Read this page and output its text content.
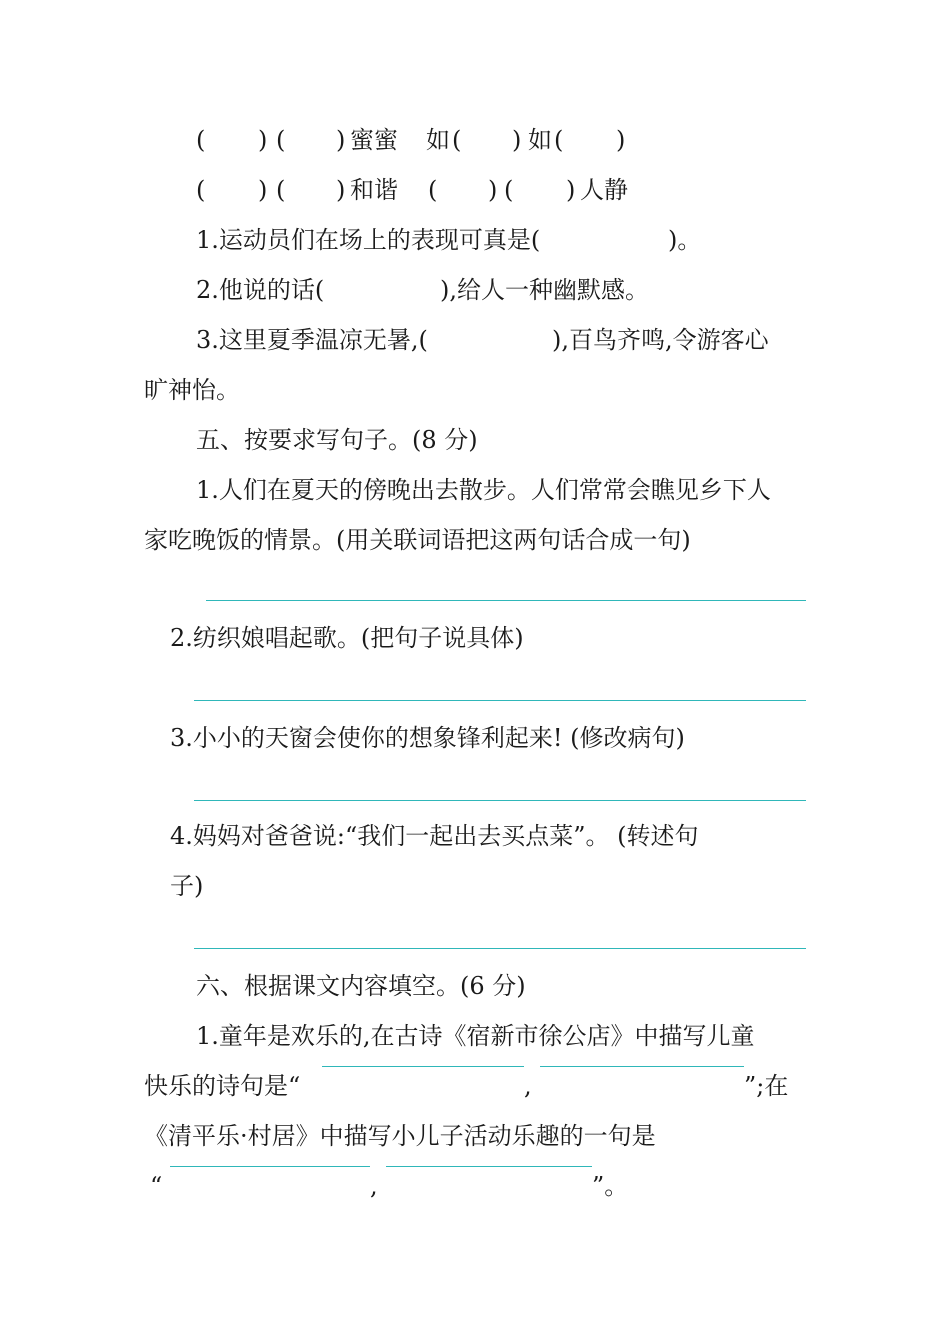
( ) ( ) 蜜蜜 如 ( ) 如 ( )
( ) ( ) 和谐 ( ) ( ) 人静
1.运动员们在场上的表现可真是(	)。
2.他说的话(	),给人一种幽默感。
3.这里夏季温凉无暑,(	),百鸟齐鸣,令游客心
旷神怡。
五、按要求写句子。(8 分)
1.人们在夏天的傍晚出去散步。人们常常会瞧见乡下人
家吃晚饭的情景。(用关联词语把这两句话合成一句)
2.纺织娘唱起歌。(把句子说具体)
3.小小的天窗会使你的想象锋利起来! (修改病句)
4.妈妈对爸爸说:“我们一起出去买点菜”。 (转述句
子)
六、根据课文内容填空。(6 分)
1.童年是欢乐的,在古诗《宿新市徐公店》中描写儿童
快乐的诗句是“	,	”;在
《清平乐·村居》中描写小儿子活动乐趣的一句是
“	,	”。
